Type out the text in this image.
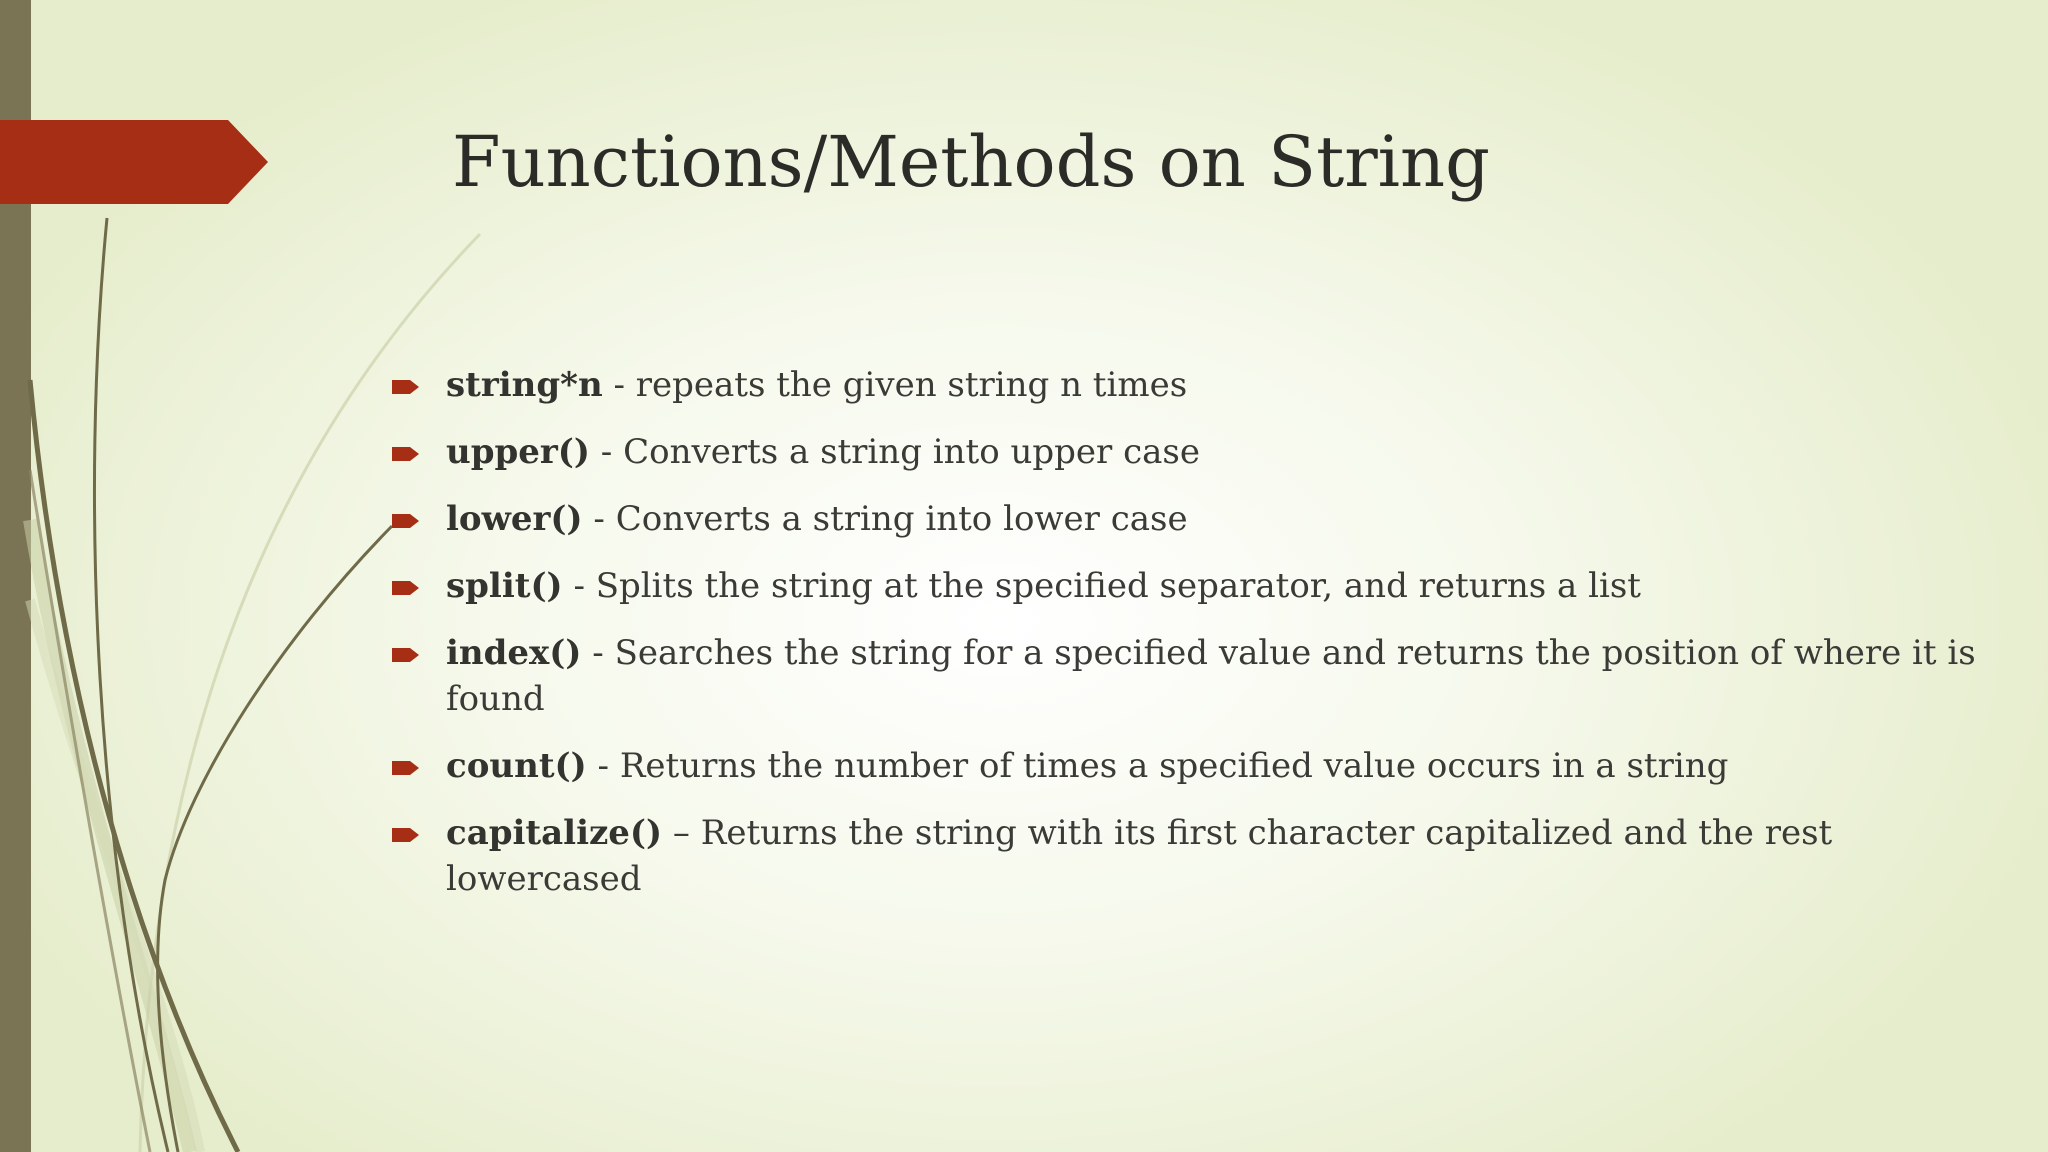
Functions/Methods on String
string*n - repeats the given string n times
upper() - Converts a string into upper case
lower() - Converts a string into lower case
split() - Splits the string at the specified separator, and returns a list
index() - Searches the string for a specified value and returns the position of where it is found
count() - Returns the number of times a specified value occurs in a string
capitalize() – Returns the string with its first character capitalized and the rest lowercased
